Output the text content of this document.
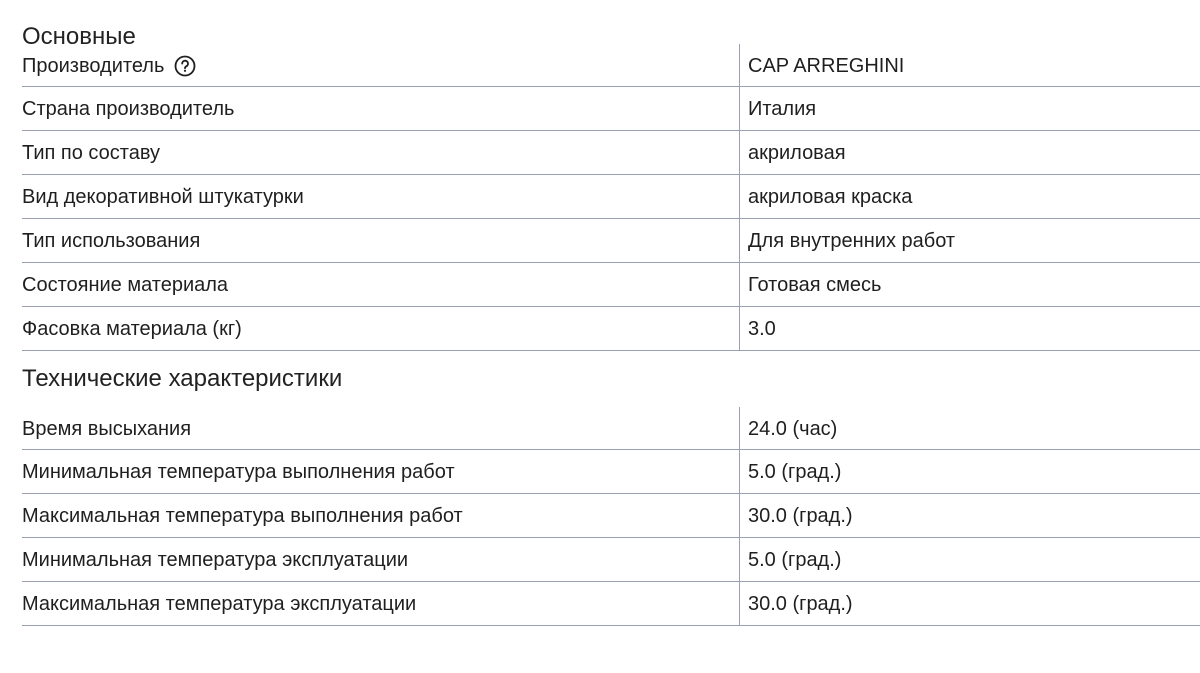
Основные
Производитель	CAP ARREGHINI
Страна производитель	Италия
Тип по составу	акриловая
Вид декоративной штукатурки	акриловая краска
Тип использования	Для внутренних работ
Состояние материала	Готовая смесь
Фасовка материала (кг)	3.0
Технические характеристики
Время высыхания	24.0 (час)
Минимальная температура выполнения работ	5.0 (град.)
Максимальная температура выполнения работ	30.0 (град.)
Минимальная температура эксплуатации	5.0 (град.)
Максимальная температура эксплуатации	30.0 (град.)
